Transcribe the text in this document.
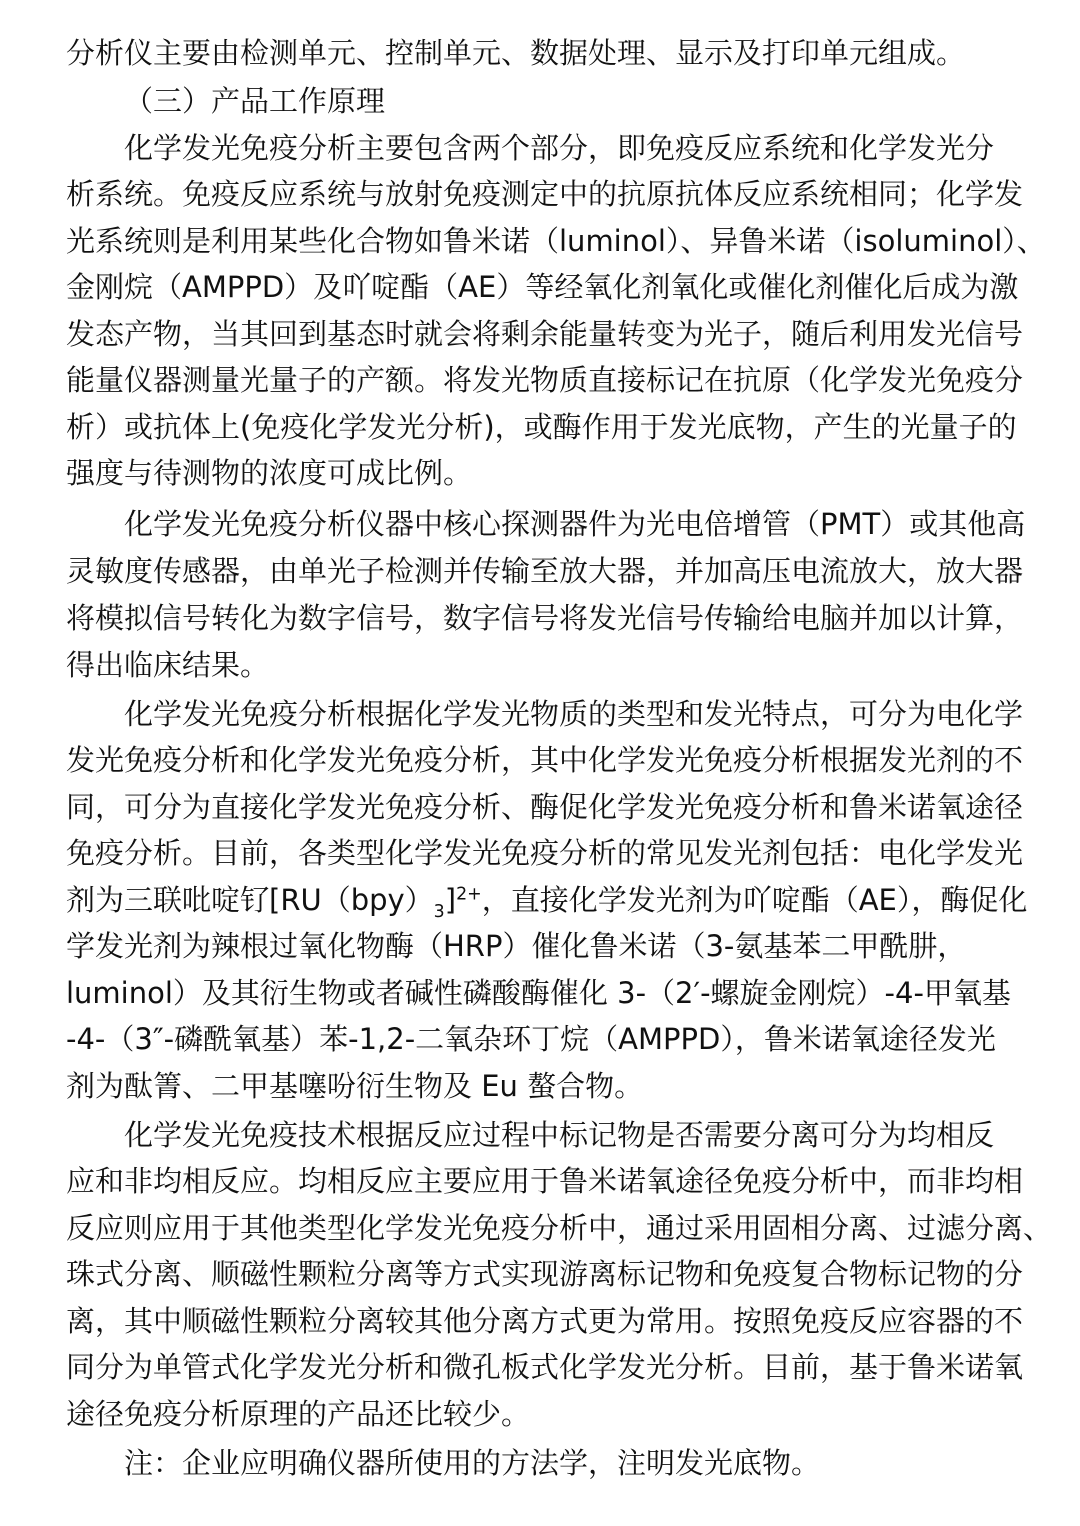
分析仪主要由检测单元、控制单元、数据处理、显示及打印单元组成。
（三）产品工作原理
化学发光免疫分析主要包含两个部分，即免疫反应系统和化学发光分
析系统。免疫反应系统与放射免疫测定中的抗原抗体反应系统相同；化学发
光系统则是利用某些化合物如鲁米诺（luminol）、异鲁米诺（isoluminol）、
金刚烷（AMPPD）及吖啶酯（AE）等经氧化剂氧化或催化剂催化后成为激
发态产物，当其回到基态时就会将剩余能量转变为光子，随后利用发光信号
能量仪器测量光量子的产额。将发光物质直接标记在抗原（化学发光免疫分
析）或抗体上(免疫化学发光分析)，或酶作用于发光底物，产生的光量子的
强度与待测物的浓度可成比例。
化学发光免疫分析仪器中核心探测器件为光电倍增管（PMT）或其他高
灵敏度传感器，由单光子检测并传输至放大器，并加高压电流放大，放大器
将模拟信号转化为数字信号，数字信号将发光信号传输给电脑并加以计算，
得出临床结果。
化学发光免疫分析根据化学发光物质的类型和发光特点，可分为电化学
发光免疫分析和化学发光免疫分析，其中化学发光免疫分析根据发光剂的不
同，可分为直接化学发光免疫分析、酶促化学发光免疫分析和鲁米诺氧途径
免疫分析。目前，各类型化学发光免疫分析的常见发光剂包括：电化学发光
剂为三联吡啶钌$[RU(bpy)_3]^{2+}$，直接化学发光剂为吖啶酯（AE），酶促化
学发光剂为辣根过氧化物酶（HRP）催化鲁米诺（3-氨基苯二甲酰肼，
luminol）及其衍生物或者碱性磷酸酶催化 3-（2′-螺旋金刚烷）-4-甲氧基
-4-（3″-磷酰氧基）苯-1,2-二氧杂环丁烷（AMPPD），鲁米诺氧途径发光
剂为酞箐、二甲基噻吩衍生物及 Eu 螯合物。
化学发光免疫技术根据反应过程中标记物是否需要分离可分为均相反
应和非均相反应。均相反应主要应用于鲁米诺氧途径免疫分析中，而非均相
反应则应用于其他类型化学发光免疫分析中，通过采用固相分离、过滤分离、
珠式分离、顺磁性颗粒分离等方式实现游离标记物和免疫复合物标记物的分
离，其中顺磁性颗粒分离较其他分离方式更为常用。按照免疫反应容器的不
同分为单管式化学发光分析和微孔板式化学发光分析。目前，基于鲁米诺氧
途径免疫分析原理的产品还比较少。
注：企业应明确仪器所使用的方法学，注明发光底物。
